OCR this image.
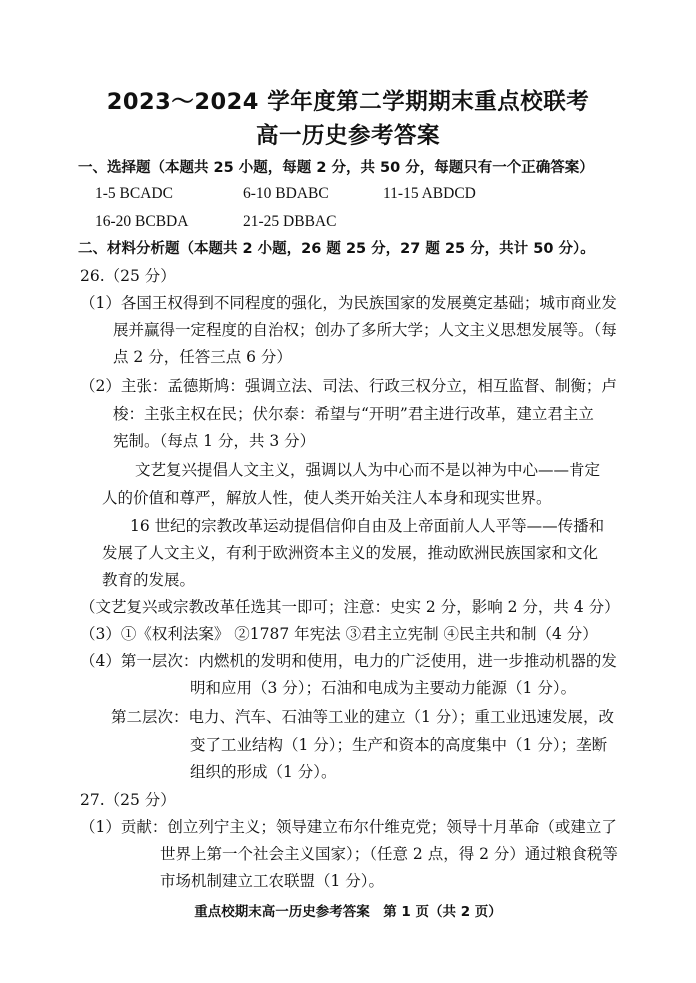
2023～2024 学年度第二学期期末重点校联考
高一历史参考答案
一、选择题（本题共 25 小题，每题 2 分，共 50 分，每题只有一个正确答案）
1-5 BCADC	6-10 BDABC	11-15 ABDCD
16-20 BCBDA	21-25 DBBAC
二、材料分析题（本题共 2 小题，26 题 25 分，27 题 25 分，共计 50 分）。
26.（25 分）
（1）各国王权得到不同程度的强化，为民族国家的发展奠定基础；城市商业发
展并赢得一定程度的自治权；创办了多所大学；人文主义思想发展等。（每
点 2 分，任答三点 6 分）
（2）主张：孟德斯鸠：强调立法、司法、行政三权分立，相互监督、制衡；卢
梭：主张主权在民；伏尔泰：希望与“开明”君主进行改革，建立君主立
宪制。（每点 1 分，共 3 分）
文艺复兴提倡人文主义，强调以人为中心而不是以神为中心——肯定
人的价值和尊严，解放人性，使人类开始关注人本身和现实世界。
16 世纪的宗教改革运动提倡信仰自由及上帝面前人人平等——传播和
发展了人文主义，有利于欧洲资本主义的发展，推动欧洲民族国家和文化
教育的发展。
（文艺复兴或宗教改革任选其一即可；注意：史实 2 分，影响 2 分，共 4 分）
（3）①《权利法案》 ②1787 年宪法 ③君主立宪制 ④民主共和制（4 分）
（4）第一层次：内燃机的发明和使用，电力的广泛使用，进一步推动机器的发
明和应用（3 分）；石油和电成为主要动力能源（1 分）。
第二层次：电力、汽车、石油等工业的建立（1 分）；重工业迅速发展，改
变了工业结构（1 分）；生产和资本的高度集中（1 分）；垄断
组织的形成（1 分）。
27.（25 分）
（1）贡献：创立列宁主义；领导建立布尔什维克党；领导十月革命（或建立了
世界上第一个社会主义国家）；（任意 2 点，得 2 分）通过粮食税等
市场机制建立工农联盟（1 分）。
重点校期末高一历史参考答案　第 1 页（共 2 页）
